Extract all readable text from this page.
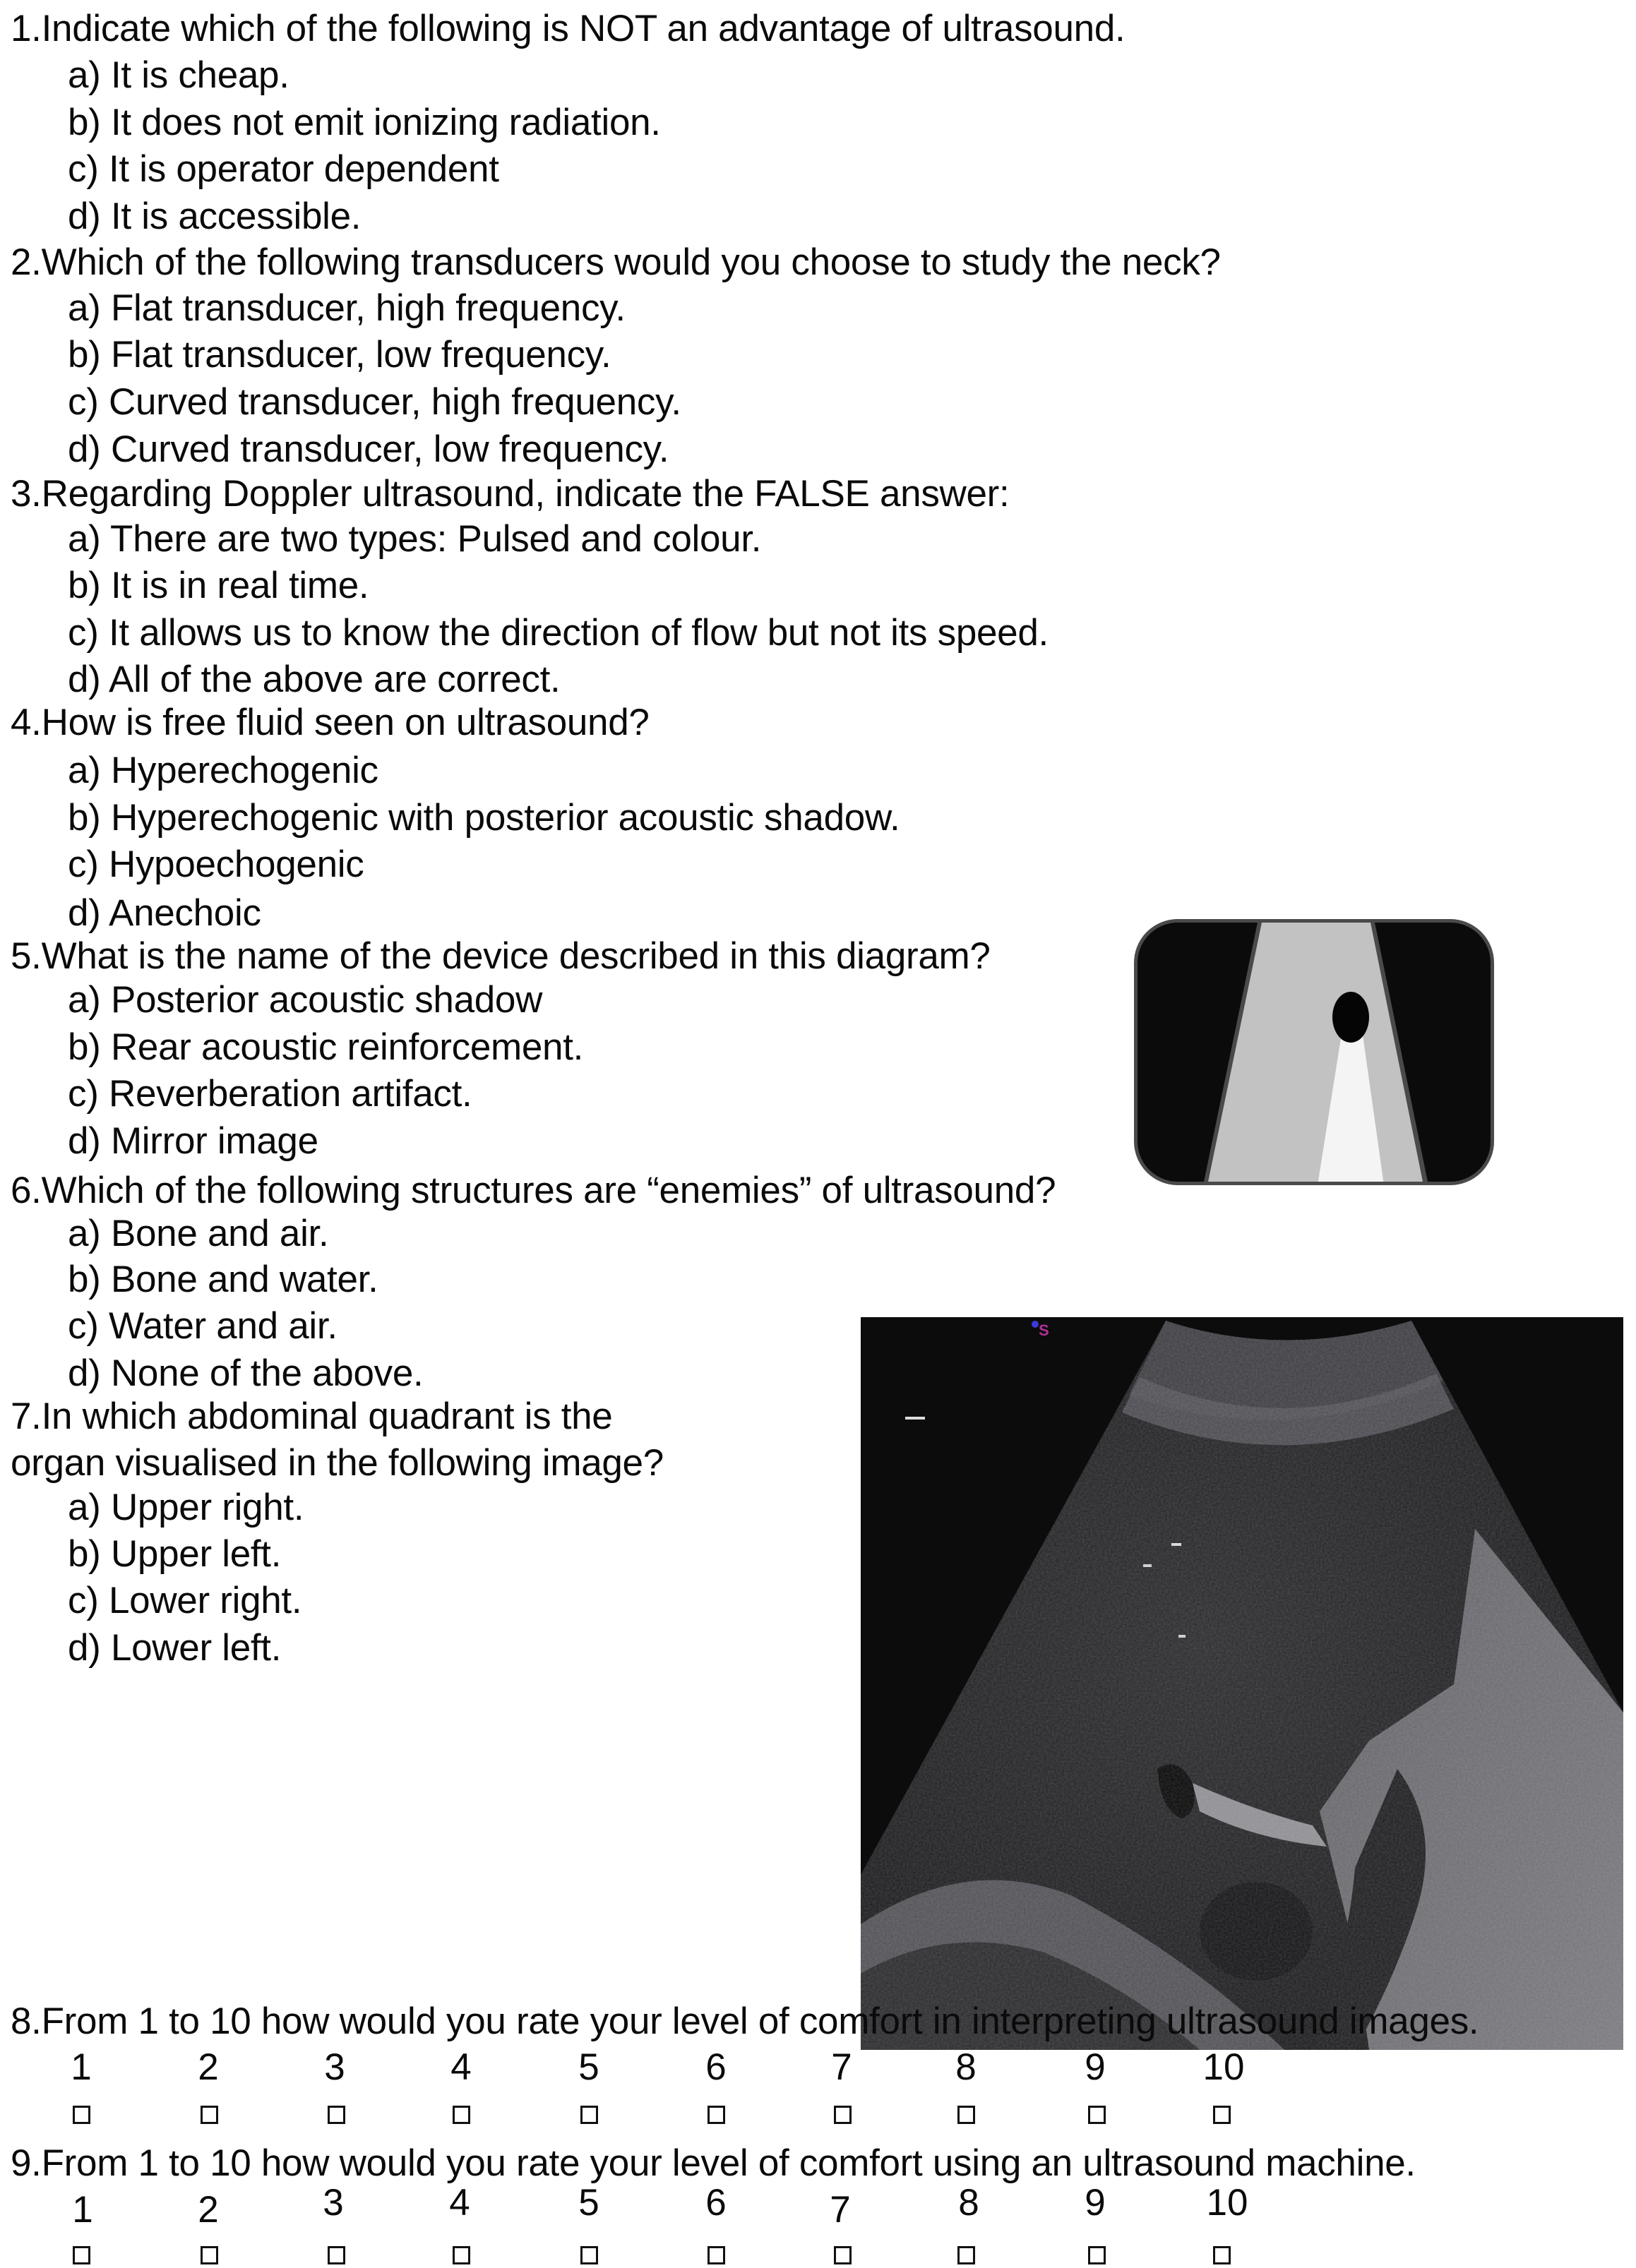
1.Indicate which of the following is NOT an advantage of ultrasound.
a) It is cheap.
b) It does not emit ionizing radiation.
c) It is operator dependent
d) It is accessible.
2.Which of the following transducers would you choose to study the neck?
a) Flat transducer, high frequency.
b) Flat transducer, low frequency.
c) Curved transducer, high frequency.
d) Curved transducer, low frequency.
3.Regarding Doppler ultrasound, indicate the FALSE answer:
a) There are two types: Pulsed and colour.
b) It is in real time.
c) It allows us to know the direction of flow but not its speed.
d) All of the above are correct.
4.How is free fluid seen on ultrasound?
a) Hyperechogenic
b) Hyperechogenic with posterior acoustic shadow.
c) Hypoechogenic
d) Anechoic
5.What is the name of the device described in this diagram?
a) Posterior acoustic shadow
b) Rear acoustic reinforcement.
c) Reverberation artifact.
d) Mirror image
6.Which of the following structures are “enemies” of ultrasound?
a) Bone and air.
b) Bone and water.
c) Water and air.
d) None of the above.
7.In which abdominal quadrant is the
organ visualised in the following image?
a) Upper right.
b) Upper left.
c) Lower right.
d) Lower left.
S
8.From 1 to 10 how would you rate your level of comfort in interpreting ultrasound images.
1	2	3	4	5	6	7	8	9	10
9.From 1 to 10 how would you rate your level of comfort using an ultrasound machine.
1	2	3	4	5	6	7	8	9	10
